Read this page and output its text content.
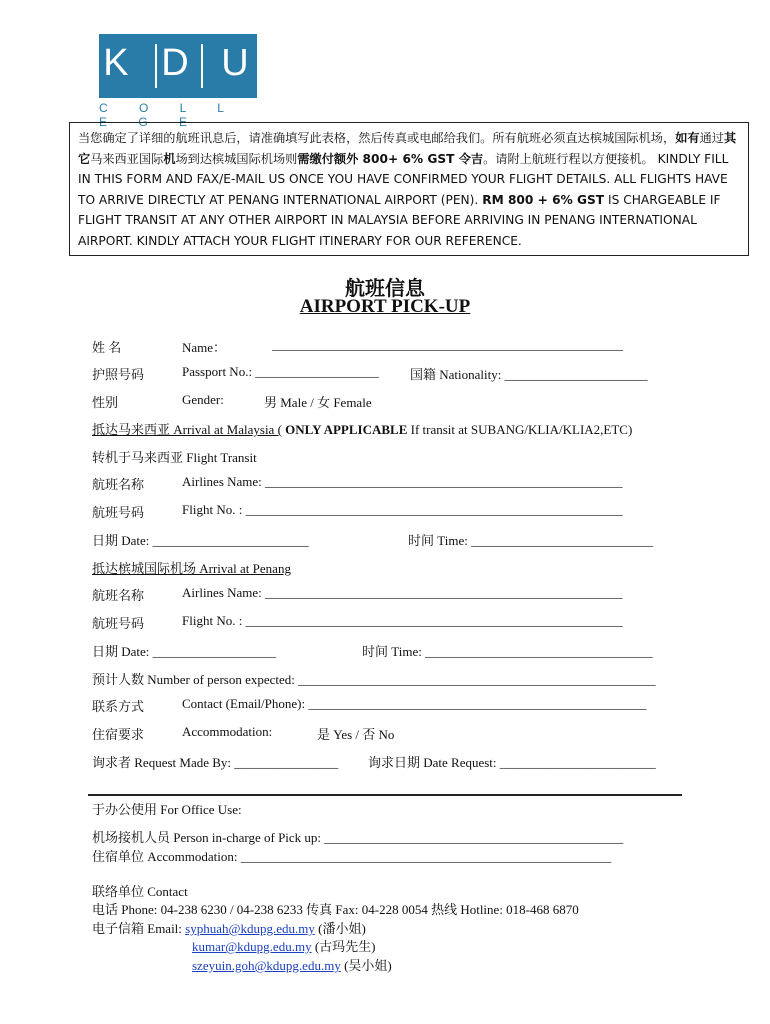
K D U
C O L L E G E
当您确定了详细的航班讯息后，请准确填写此表格，然后传真或电邮给我们。所有航班必须直达槟城国际机场，如有通过其它马来西亚国际机场到达槟城国际机场则需缴付额外 800+ 6% GST 令吉。请附上航班行程以方便接机。 KINDLY FILL IN THIS FORM AND FAX/E-MAIL US ONCE YOU HAVE CONFIRMED YOUR FLIGHT DETAILS. ALL FLIGHTS HAVE TO ARRIVE DIRECTLY AT PENANG INTERNATIONAL AIRPORT (PEN). RM 800 + 6% GST IS CHARGEABLE IF FLIGHT TRANSIT AT ANY OTHER AIRPORT IN MALAYSIA BEFORE ARRIVING IN PENANG INTERNATIONAL AIRPORT. KINDLY ATTACH YOUR FLIGHT ITINERARY FOR OUR REFERENCE.
航班信息
AIRPORT PICK-UP
姓 名	Name：	______________________________________________________
护照号码	Passport No.: ___________________ 国籍 Nationality: ______________________
性别	Gender:	男 Male / 女 Female
抵达马来西亚 Arrival at Malaysia ( ONLY APPLICABLE If transit at SUBANG/KLIA/KLIA2,ETC)
转机于马来西亚 Flight Transit
航班名称	Airlines Name: _______________________________________________________
航班号码	Flight No. : __________________________________________________________
日期 Date: ________________________	时间 Time: ____________________________
抵达槟城国际机场 Arrival at Penang
航班名称	Airlines Name: _______________________________________________________
航班号码	Flight No. : __________________________________________________________
日期 Date: ___________________	时间 Time: ___________________________________
预计人数 Number of person expected: _______________________________________________________
联系方式	Contact (Email/Phone): ____________________________________________________
住宿要求	Accommodation:	是 Yes / 否 No
询求者 Request Made By: ________________ 询求日期 Date Request: ________________________
于办公使用 For Office Use:
机场接机人员 Person in-charge of Pick up: ______________________________________________
住宿单位 Accommodation: _________________________________________________________
联络单位 Contact
电话 Phone: 04-238 6230 / 04-238 6233 传真 Fax: 04-228 0054 热线 Hotline: 018-468 6870
电子信箱 Email: syphuah@kdupg.edu.my (潘小姐)
kumar@kdupg.edu.my (古玛先生)
szeyuin.goh@kdupg.edu.my (吴小姐)
